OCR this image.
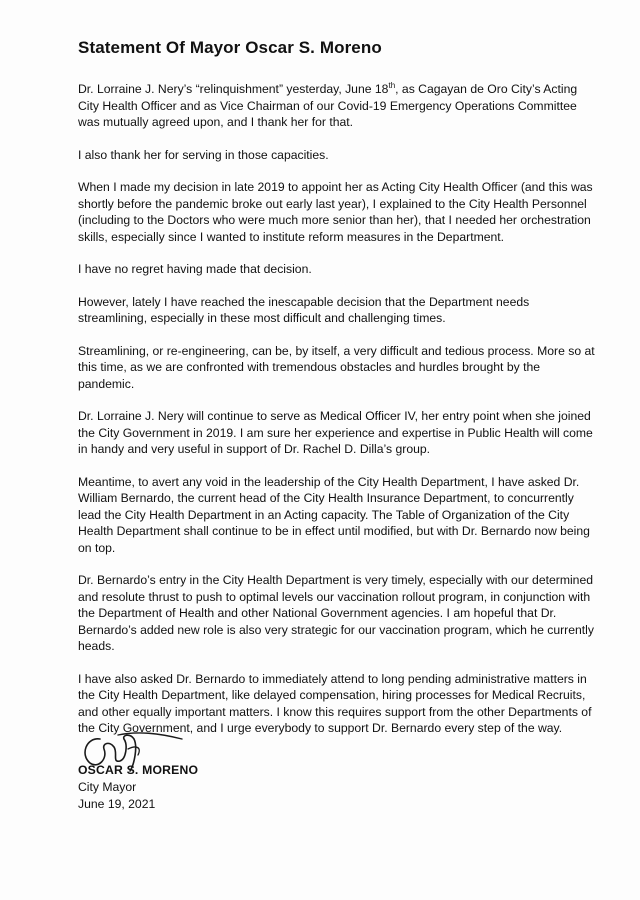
Statement Of Mayor Oscar S. Moreno

Dr. Lorraine J. Nery’s “relinquishment” yesterday, June 18th, as Cagayan de Oro City’s Acting City Health Officer and as Vice Chairman of our Covid-19 Emergency Operations Committee was mutually agreed upon, and I thank her for that.

I also thank her for serving in those capacities.

When I made my decision in late 2019 to appoint her as Acting City Health Officer (and this was shortly before the pandemic broke out early last year), I explained to the City Health Personnel (including to the Doctors who were much more senior than her), that I needed her orchestration skills, especially since I wanted to institute reform measures in the Department.

I have no regret having made that decision.

However, lately I have reached the inescapable decision that the Department needs streamlining, especially in these most difficult and challenging times.

Streamlining, or re-engineering, can be, by itself, a very difficult and tedious process. More so at this time, as we are confronted with tremendous obstacles and hurdles brought by the pandemic.

Dr. Lorraine J. Nery will continue to serve as Medical Officer IV, her entry point when she joined the City Government in 2019. I am sure her experience and expertise in Public Health will come in handy and very useful in support of Dr. Rachel D. Dilla’s group.

Meantime, to avert any void in the leadership of the City Health Department, I have asked Dr. William Bernardo, the current head of the City Health Insurance Department, to concurrently lead the City Health Department in an Acting capacity. The Table of Organization of the City Health Department shall continue to be in effect until modified, but with Dr. Bernardo now being on top.

Dr. Bernardo’s entry in the City Health Department is very timely, especially with our determined and resolute thrust to push to optimal levels our vaccination rollout program, in conjunction with the Department of Health and other National Government agencies. I am hopeful that Dr. Bernardo’s added new role is also very strategic for our vaccination program, which he currently heads.

I have also asked Dr. Bernardo to immediately attend to long pending administrative matters in the City Health Department, like delayed compensation, hiring processes for Medical Recruits, and other equally important matters. I know this requires support from the other Departments of the City Government, and I urge everybody to support Dr. Bernardo every step of the way.

OSCAR S. MORENO
City Mayor
June 19, 2021
